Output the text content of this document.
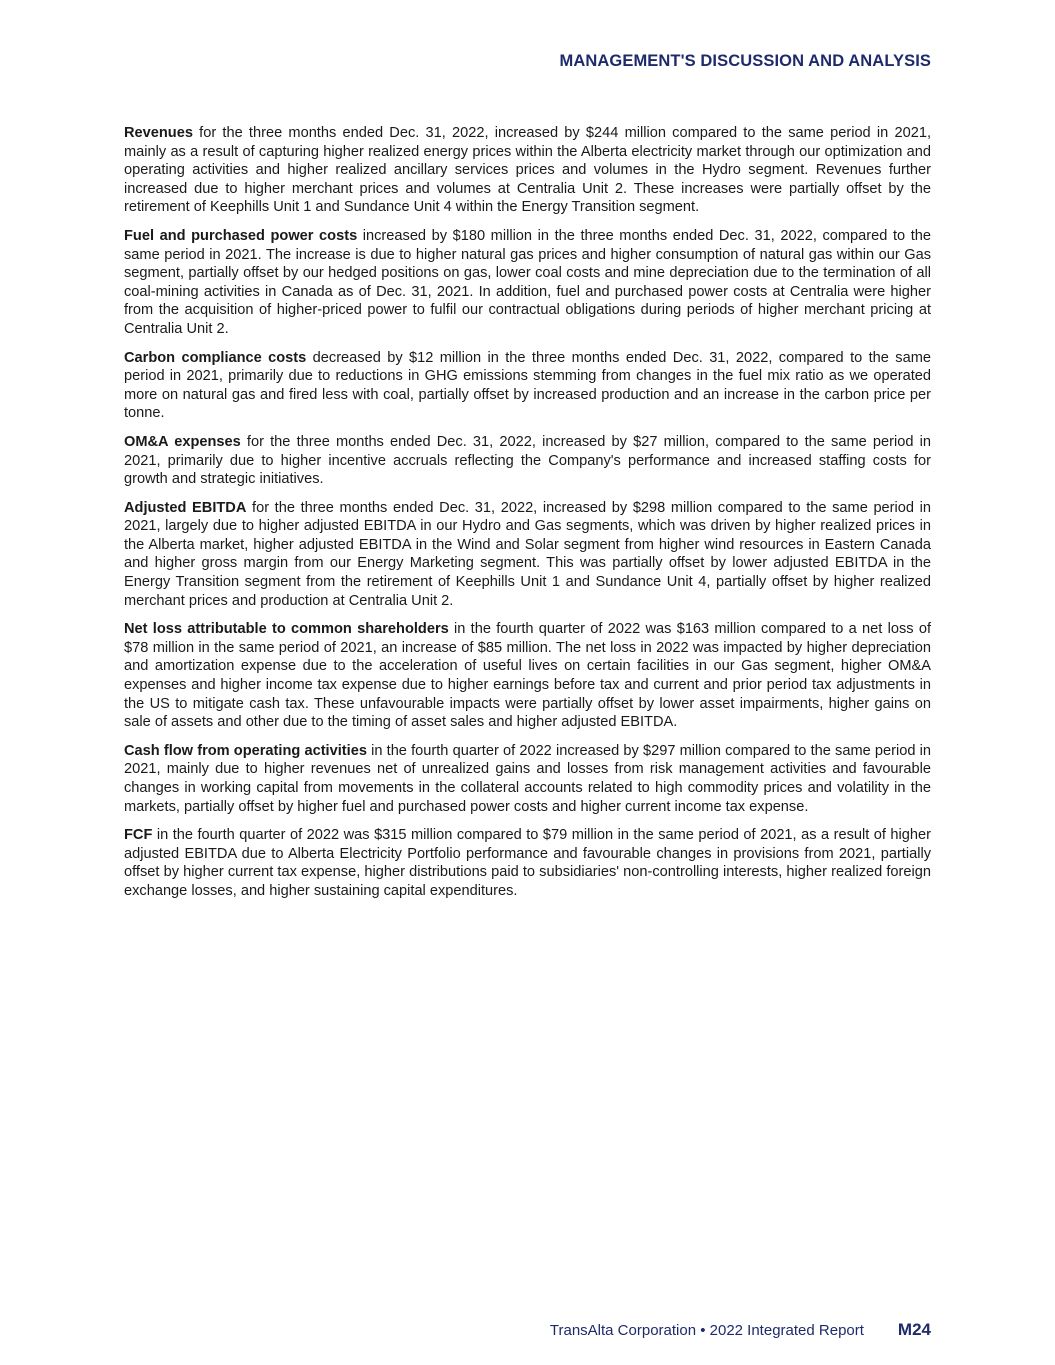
MANAGEMENT'S DISCUSSION AND ANALYSIS

Revenues for the three months ended Dec. 31, 2022, increased by $244 million compared to the same period in 2021, mainly as a result of capturing higher realized energy prices within the Alberta electricity market through our optimization and operating activities and higher realized ancillary services prices and volumes in the Hydro segment. Revenues further increased due to higher merchant prices and volumes at Centralia Unit 2. These increases were partially offset by the retirement of Keephills Unit 1 and Sundance Unit 4 within the Energy Transition segment.

Fuel and purchased power costs increased by $180 million in the three months ended Dec. 31, 2022, compared to the same period in 2021. The increase is due to higher natural gas prices and higher consumption of natural gas within our Gas segment, partially offset by our hedged positions on gas, lower coal costs and mine depreciation due to the termination of all coal-mining activities in Canada as of Dec. 31, 2021. In addition, fuel and purchased power costs at Centralia were higher from the acquisition of higher-priced power to fulfil our contractual obligations during periods of higher merchant pricing at Centralia Unit 2.

Carbon compliance costs decreased by $12 million in the three months ended Dec. 31, 2022, compared to the same period in 2021, primarily due to reductions in GHG emissions stemming from changes in the fuel mix ratio as we operated more on natural gas and fired less with coal, partially offset by increased production and an increase in the carbon price per tonne.

OM&A expenses for the three months ended Dec. 31, 2022, increased by $27 million, compared to the same period in 2021, primarily due to higher incentive accruals reflecting the Company's performance and increased staffing costs for growth and strategic initiatives.

Adjusted EBITDA for the three months ended Dec. 31, 2022, increased by $298 million compared to the same period in 2021, largely due to higher adjusted EBITDA in our Hydro and Gas segments, which was driven by higher realized prices in the Alberta market, higher adjusted EBITDA in the Wind and Solar segment from higher wind resources in Eastern Canada and higher gross margin from our Energy Marketing segment. This was partially offset by lower adjusted EBITDA in the Energy Transition segment from the retirement of Keephills Unit 1 and Sundance Unit 4, partially offset by higher realized merchant prices and production at Centralia Unit 2.

Net loss attributable to common shareholders in the fourth quarter of 2022 was $163 million compared to a net loss of $78 million in the same period of 2021, an increase of $85 million. The net loss in 2022 was impacted by higher depreciation and amortization expense due to the acceleration of useful lives on certain facilities in our Gas segment, higher OM&A expenses and higher income tax expense due to higher earnings before tax and current and prior period tax adjustments in the US to mitigate cash tax. These unfavourable impacts were partially offset by lower asset impairments, higher gains on sale of assets and other due to the timing of asset sales and higher adjusted EBITDA.

Cash flow from operating activities in the fourth quarter of 2022 increased by $297 million compared to the same period in 2021, mainly due to higher revenues net of unrealized gains and losses from risk management activities and favourable changes in working capital from movements in the collateral accounts related to high commodity prices and volatility in the markets, partially offset by higher fuel and purchased power costs and higher current income tax expense.

FCF in the fourth quarter of 2022 was $315 million compared to $79 million in the same period of 2021, as a result of higher adjusted EBITDA due to Alberta Electricity Portfolio performance and favourable changes in provisions from 2021, partially offset by higher current tax expense, higher distributions paid to subsidiaries' non-controlling interests, higher realized foreign exchange losses, and higher sustaining capital expenditures.

TransAlta Corporation • 2022 Integrated Report M24
